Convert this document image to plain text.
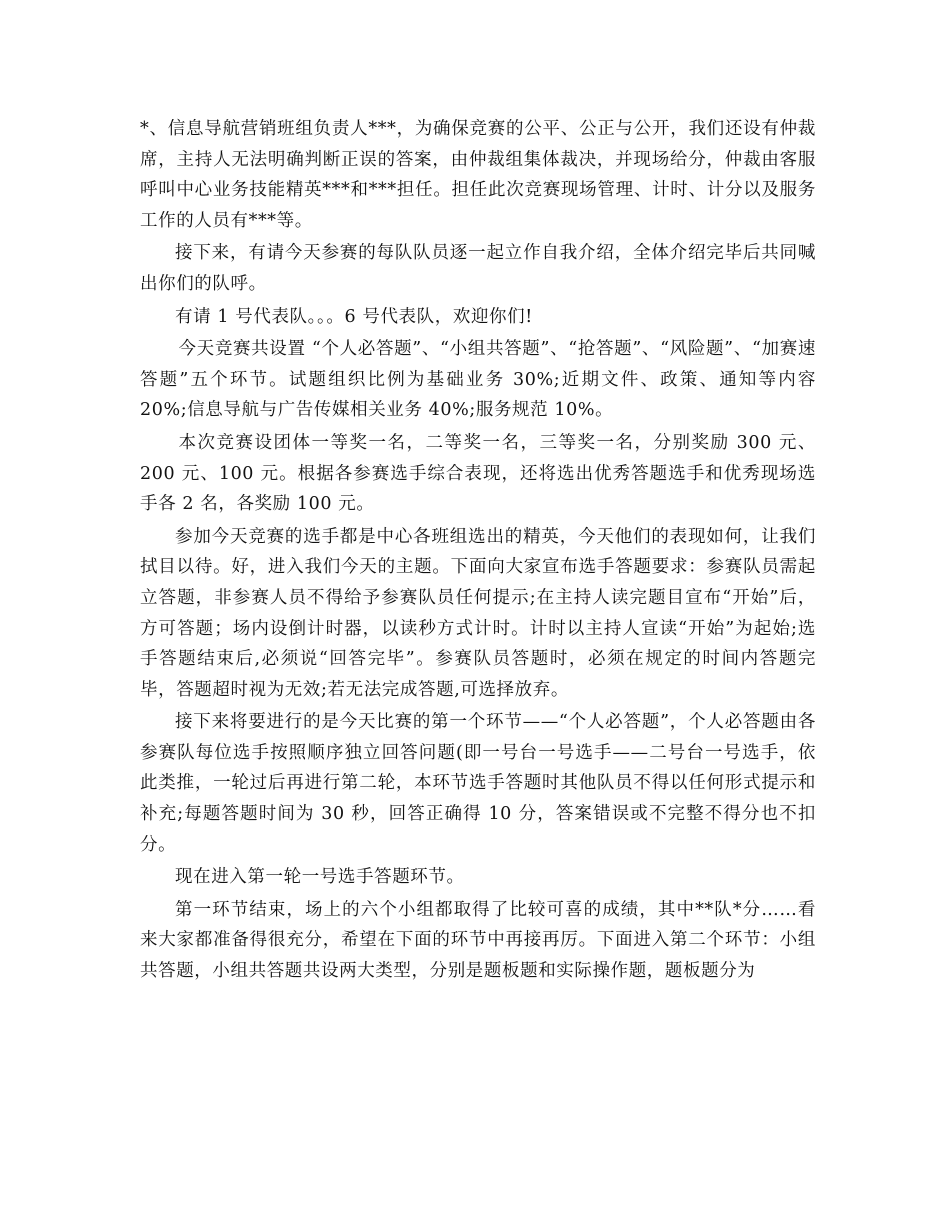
*、信息导航营销班组负责人***，为确保竞赛的公平、公正与公开，我们还设有仲裁席，主持人无法明确判断正误的答案，由仲裁组集体裁决，并现场给分，仲裁由客服呼叫中心业务技能精英***和***担任。担任此次竞赛现场管理、计时、计分以及服务工作的人员有***等。

接下来，有请今天参赛的每队队员逐一起立作自我介绍，全体介绍完毕后共同喊出你们的队呼。

有请 1 号代表队。。。6 号代表队，欢迎你们!

今天竞赛共设置 “个人必答题”、“小组共答题”、“抢答题”、“风险题”、“加赛速答题”五个环节。试题组织比例为基础业务 30%;近期文件、政策、通知等内容 20%;信息导航与广告传媒相关业务 40%;服务规范 10%。

本次竞赛设团体一等奖一名，二等奖一名，三等奖一名，分别奖励 300 元、200 元、100 元。根据各参赛选手综合表现，还将选出优秀答题选手和优秀现场选手各 2 名，各奖励 100 元。

参加今天竞赛的选手都是中心各班组选出的精英，今天他们的表现如何，让我们拭目以待。好，进入我们今天的主题。下面向大家宣布选手答题要求：参赛队员需起立答题，非参赛人员不得给予参赛队员任何提示;在主持人读完题目宣布“开始”后，方可答题；场内设倒计时器，以读秒方式计时。计时以主持人宣读“开始”为起始;选手答题结束后,必须说“回答完毕”。参赛队员答题时，必须在规定的时间内答题完毕，答题超时视为无效;若无法完成答题,可选择放弃。

接下来将要进行的是今天比赛的第一个环节——“个人必答题”，个人必答题由各参赛队每位选手按照顺序独立回答问题(即一号台一号选手——二号台一号选手，依此类推，一轮过后再进行第二轮，本环节选手答题时其他队员不得以任何形式提示和补充;每题答题时间为 30 秒，回答正确得 10 分，答案错误或不完整不得分也不扣分。

现在进入第一轮一号选手答题环节。

第一环节结束，场上的六个小组都取得了比较可喜的成绩，其中**队*分……看来大家都准备得很充分，希望在下面的环节中再接再厉。下面进入第二个环节：小组共答题，小组共答题共设两大类型，分别是题板题和实际操作题，题板题分为
